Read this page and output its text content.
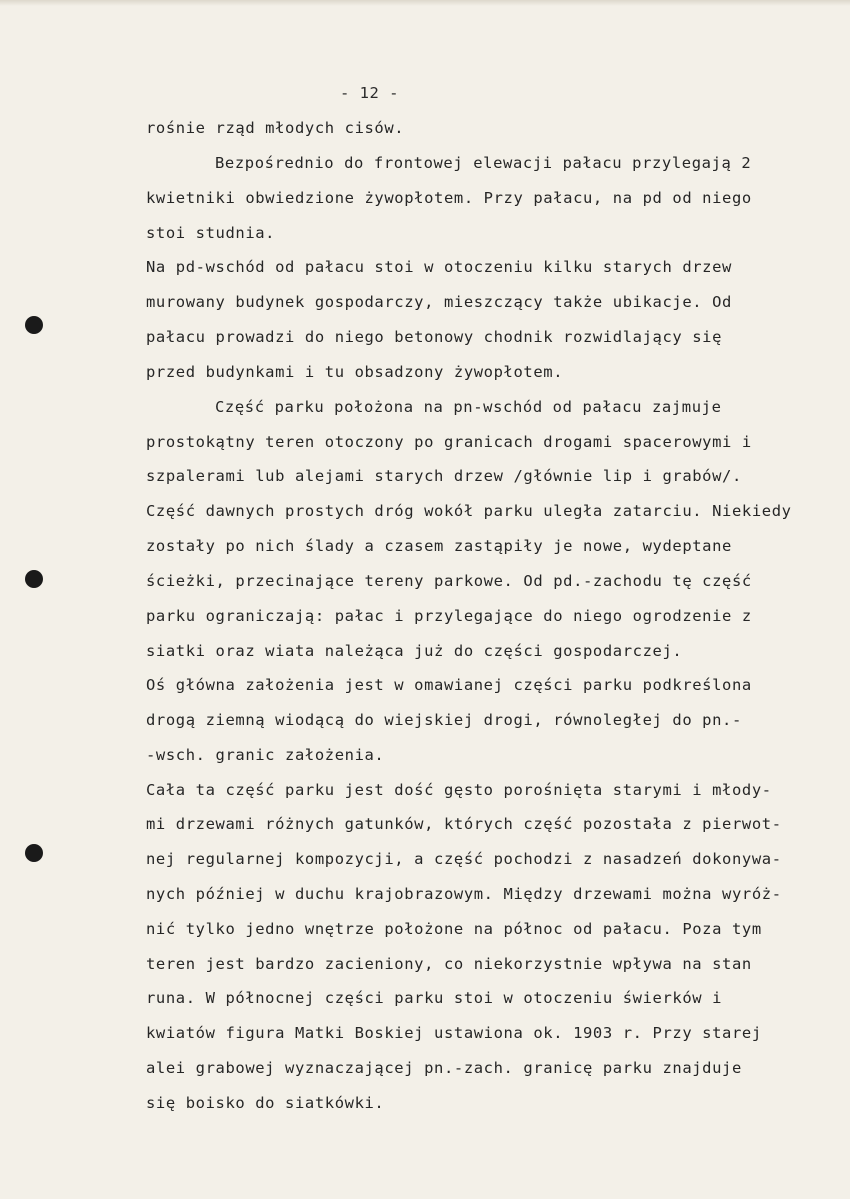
- 12 -
rośnie rząd młodych cisów.
Bezpośrednio do frontowej elewacji pałacu przylegają 2
kwietniki obwiedzione żywopłotem. Przy pałacu, na pd od niego
stoi studnia.
Na pd-wschód od pałacu stoi w otoczeniu kilku starych drzew
murowany budynek gospodarczy, mieszczący także ubikacje. Od
pałacu prowadzi do niego betonowy chodnik rozwidlający się
przed budynkami i tu obsadzony żywopłotem.
Część parku położona na pn-wschód od pałacu zajmuje
prostokątny teren otoczony po granicach drogami spacerowymi i
szpalerami lub alejami starych drzew /głównie lip i grabów/.
Część dawnych prostych dróg wokół parku uległa zatarciu. Niekiedy
zostały po nich ślady a czasem zastąpiły je nowe, wydeptane
ścieżki, przecinające tereny parkowe. Od pd.-zachodu tę część
parku ograniczają: pałac i przylegające do niego ogrodzenie z
siatki oraz wiata należąca już do części gospodarczej.
Oś główna założenia jest w omawianej części parku podkreślona
drogą ziemną wiodącą do wiejskiej drogi, równoległej do pn.-
-wsch. granic założenia.
Cała ta część parku jest dość gęsto porośnięta starymi i młody-
mi drzewami różnych gatunków, których część pozostała z pierwot-
nej regularnej kompozycji, a część pochodzi z nasadzeń dokonywa-
nych później w duchu krajobrazowym. Między drzewami można wyróż-
nić tylko jedno wnętrze położone na północ od pałacu. Poza tym
teren jest bardzo zacieniony, co niekorzystnie wpływa na stan
runa. W północnej części parku stoi w otoczeniu świerków i
kwiatów figura Matki Boskiej ustawiona ok. 1903 r. Przy starej
alei grabowej wyznaczającej pn.-zach. granicę parku znajduje
się boisko do siatkówki.
